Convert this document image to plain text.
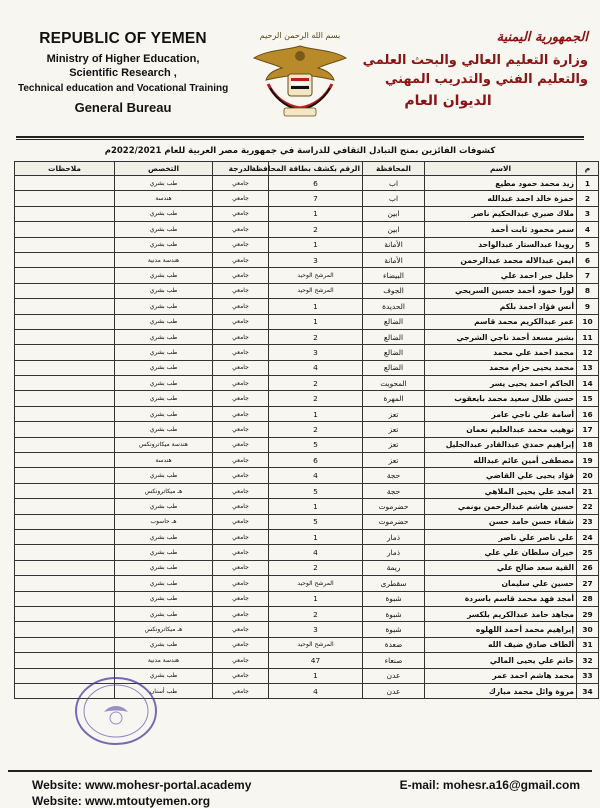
REPUBLIC OF YEMEN
Ministry of Higher Education,
Scientific Research ,
Technical education and Vocational Training
General Bureau
بسم الله الرحمن الرحيم	الجمهورية اليمنية
وزارة التعليم العالي والبحث العلمي
والتعليم الفني والتدريب المهني
الديوان العام
كشوفات الفائزين بمنح التبادل الثقافي للدراسة في جمهورية مصر العربية للعام 2022/2021م
م	الاسم	المحافظة	الرقم بكشف بطاقة المحافظة	الدرجة	التخصص	ملاحظات
1	زيد محمد حمود مطيع	اب	6	جامعي	طب بشري	
2	حمزة خالد احمد عبدالله	اب	7	جامعي	هندسة	
3	ملاك صبري عبدالحكيم ناصر	ابين	1	جامعي	طب بشري	
4	سمر محمود ثابت أحمد	ابين	2	جامعي	طب بشري	
5	رويدا عبدالستار عبدالواحد	الأمانة	1	جامعي	طب بشري	
6	ايمن عبدالاله محمد عبدالرحمن	الأمانة	3	جامعي	هندسة مدنية	
7	خليل جبر احمد علي	البيضاء	المرشح الوحيد	جامعي	طب بشري	
8	لورا حمود أحمد حسين السريحي	الجوف	المرشح الوحيد	جامعي	طب بشري	
9	أنس فؤاد احمد بلكم	الحديدة	1	جامعي	طب بشري	
10	عمر عبدالكريم محمد قاسم	الضالع	1	جامعي	طب بشري	
11	بشير مسعد أحمد ناجي الشرجي	الضالع	2	جامعي	طب بشري	
12	محمد احمد علي محمد	الضالع	3	جامعي	طب بشري	
13	محمد يحيى حزام محمد	الضالع	4	جامعي	طب بشري	
14	الحاكم احمد يحيى يسر	المحويت	2	جامعي	طب بشري	
15	حسن طلال سعيد محمد بايعقوب	المهرة	2	جامعي	طب بشري	
16	أسامة علي ناجي عامر	تعز	1	جامعي	طب بشري	
17	توهيب محمد عبدالعليم نعمان	تعز	2	جامعي	طب بشري	
18	إبراهيم حمدي عبدالقادر عبدالجليل	تعز	5	جامعي	هندسة ميكاترونكس	
19	مصطفى أمين عائم عبدالله	تعز	6	جامعي	هندسة	
20	فؤاد يحيى علي القاضي	حجة	4	جامعي	طب بشري	
21	امجد علي يحيى الملاهي	حجة	5	جامعي	هـ ميكاترونكس	
22	حسين هاشم عبدالرحمن بونمي	حضرموت	1	جامعي	طب بشري	
23	شفاء حسن حامد حسن	حضرموت	5	جامعي	هـ حاسوب	
24	علي ناصر علي ناصر	ذمار	1	جامعي	طب بشري	
25	خيران سلطان علي علي	ذمار	4	جامعي	طب بشري	
26	القية سعد صالح علي	ريمة	2	جامعي	طب بشري	
27	حسين علي سليمان	سقطرى	المرشح الوحيد	جامعي	طب بشري	
28	أمجد فهد محمد قاسم باسردة	شبوة	1	جامعي	طب بشري	
29	مجاهد حامد عبدالكريم بلكسر	شبوة	2	جامعي	طب بشري	
30	إبراهيم محمد أحمد اللهلوه	شبوة	3	جامعي	هـ ميكاترونكس	
31	ألطاف صادق ضيف الله	صعدة	المرشح الوحيد	جامعي	طب بشري	
32	حاتم علي يحيى المالي	صنعاء	47	جامعي	هندسة مدنية	
33	محمد هاشم احمد عمر	عدن	1	جامعي	طب بشري	
34	مروة وائل محمد مبارك	عدن	4	جامعي	طب أسنان	
Website: www.mohesr-portal.academy
Website: www.mtoutyemen.org
E-mail: mohesr.a16@gmail.com
